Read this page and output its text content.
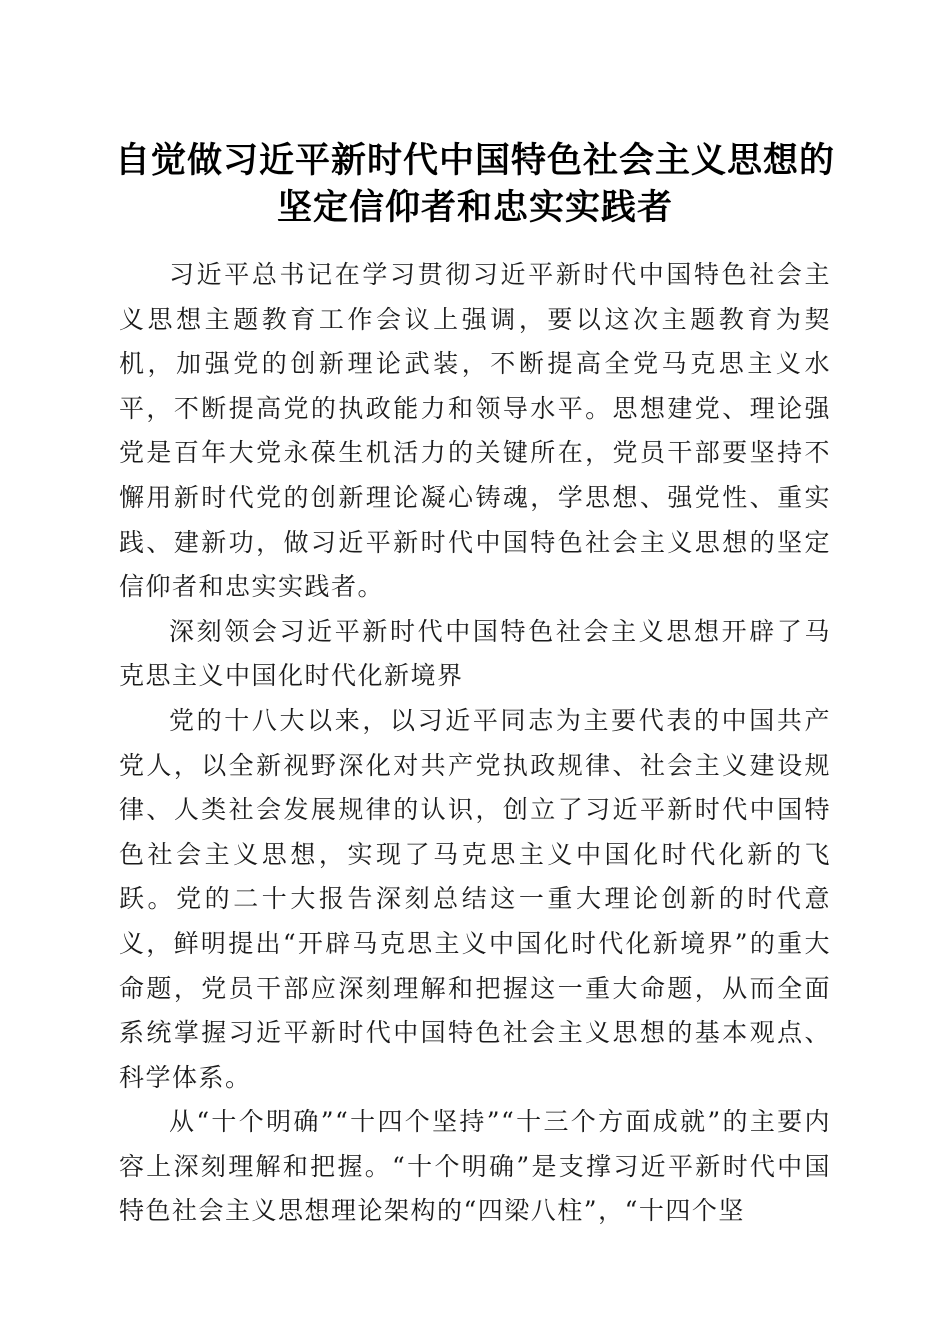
自觉做习近平新时代中国特色社会主义思想的
坚定信仰者和忠实实践者

习近平总书记在学习贯彻习近平新时代中国特色社会主义思想主题教育工作会议上强调，要以这次主题教育为契机，加强党的创新理论武装，不断提高全党马克思主义水平，不断提高党的执政能力和领导水平。思想建党、理论强党是百年大党永葆生机活力的关键所在，党员干部要坚持不懈用新时代党的创新理论凝心铸魂，学思想、强党性、重实践、建新功，做习近平新时代中国特色社会主义思想的坚定信仰者和忠实实践者。

深刻领会习近平新时代中国特色社会主义思想开辟了马克思主义中国化时代化新境界

党的十八大以来，以习近平同志为主要代表的中国共产党人，以全新视野深化对共产党执政规律、社会主义建设规律、人类社会发展规律的认识，创立了习近平新时代中国特色社会主义思想，实现了马克思主义中国化时代化新的飞跃。党的二十大报告深刻总结这一重大理论创新的时代意义，鲜明提出“开辟马克思主义中国化时代化新境界”的重大命题，党员干部应深刻理解和把握这一重大命题，从而全面系统掌握习近平新时代中国特色社会主义思想的基本观点、科学体系。

从“十个明确”“十四个坚持”“十三个方面成就”的主要内容上深刻理解和把握。“十个明确”是支撑习近平新时代中国特色社会主义思想理论架构的“四梁八柱”，“十四个坚
